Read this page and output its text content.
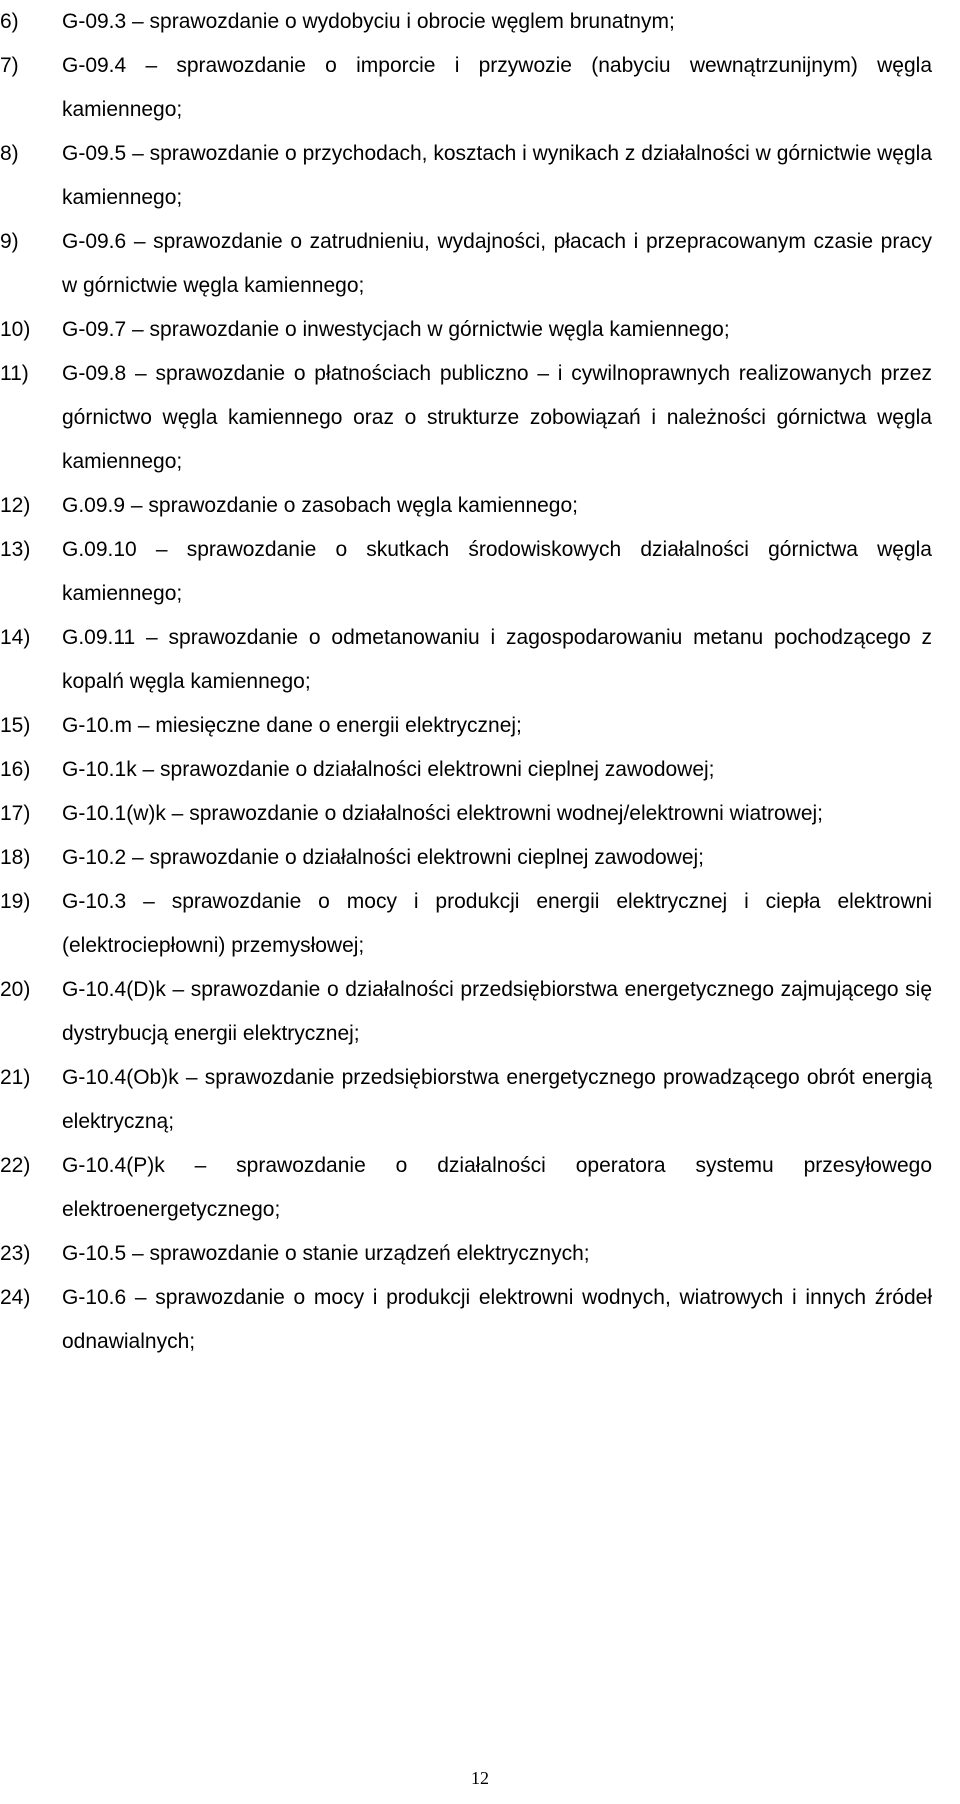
6) G-09.3 – sprawozdanie o wydobyciu i obrocie węglem brunatnym;

7) G-09.4 – sprawozdanie o imporcie i przywozie (nabyciu wewnątrzunijnym) węgla kamiennego;

8) G-09.5 – sprawozdanie o przychodach, kosztach i wynikach z działalności w górnictwie węgla kamiennego;

9) G-09.6 – sprawozdanie o zatrudnieniu, wydajności, płacach i przepracowanym czasie pracy w górnictwie węgla kamiennego;

10) G-09.7 – sprawozdanie o inwestycjach w górnictwie węgla kamiennego;

11) G-09.8 – sprawozdanie o płatnościach publiczno – i cywilnoprawnych realizowanych przez górnictwo węgla kamiennego oraz o strukturze zobowiązań i należności górnictwa węgla kamiennego;

12) G.09.9 – sprawozdanie o zasobach węgla kamiennego;

13) G.09.10 – sprawozdanie o skutkach środowiskowych działalności górnictwa węgla kamiennego;

14) G.09.11 – sprawozdanie o odmetanowaniu i zagospodarowaniu metanu pochodzącego z kopalń węgla kamiennego;

15) G-10.m – miesięczne dane o energii elektrycznej;

16) G-10.1k – sprawozdanie o działalności elektrowni cieplnej zawodowej;

17) G-10.1(w)k – sprawozdanie o działalności elektrowni wodnej/elektrowni wiatrowej;

18) G-10.2 – sprawozdanie o działalności elektrowni cieplnej zawodowej;

19) G-10.3 – sprawozdanie o mocy i produkcji energii elektrycznej i ciepła elektrowni (elektrociepłowni) przemysłowej;

20) G-10.4(D)k – sprawozdanie o działalności przedsiębiorstwa energetycznego zajmującego się dystrybucją energii elektrycznej;

21) G-10.4(Ob)k – sprawozdanie przedsiębiorstwa energetycznego prowadzącego obrót energią elektryczną;

22) G-10.4(P)k – sprawozdanie o działalności operatora systemu przesyłowego elektroenergetycznego;

23) G-10.5 – sprawozdanie o stanie urządzeń elektrycznych;

24) G-10.6 – sprawozdanie o mocy i produkcji elektrowni wodnych, wiatrowych i innych źródeł odnawialnych;

12
